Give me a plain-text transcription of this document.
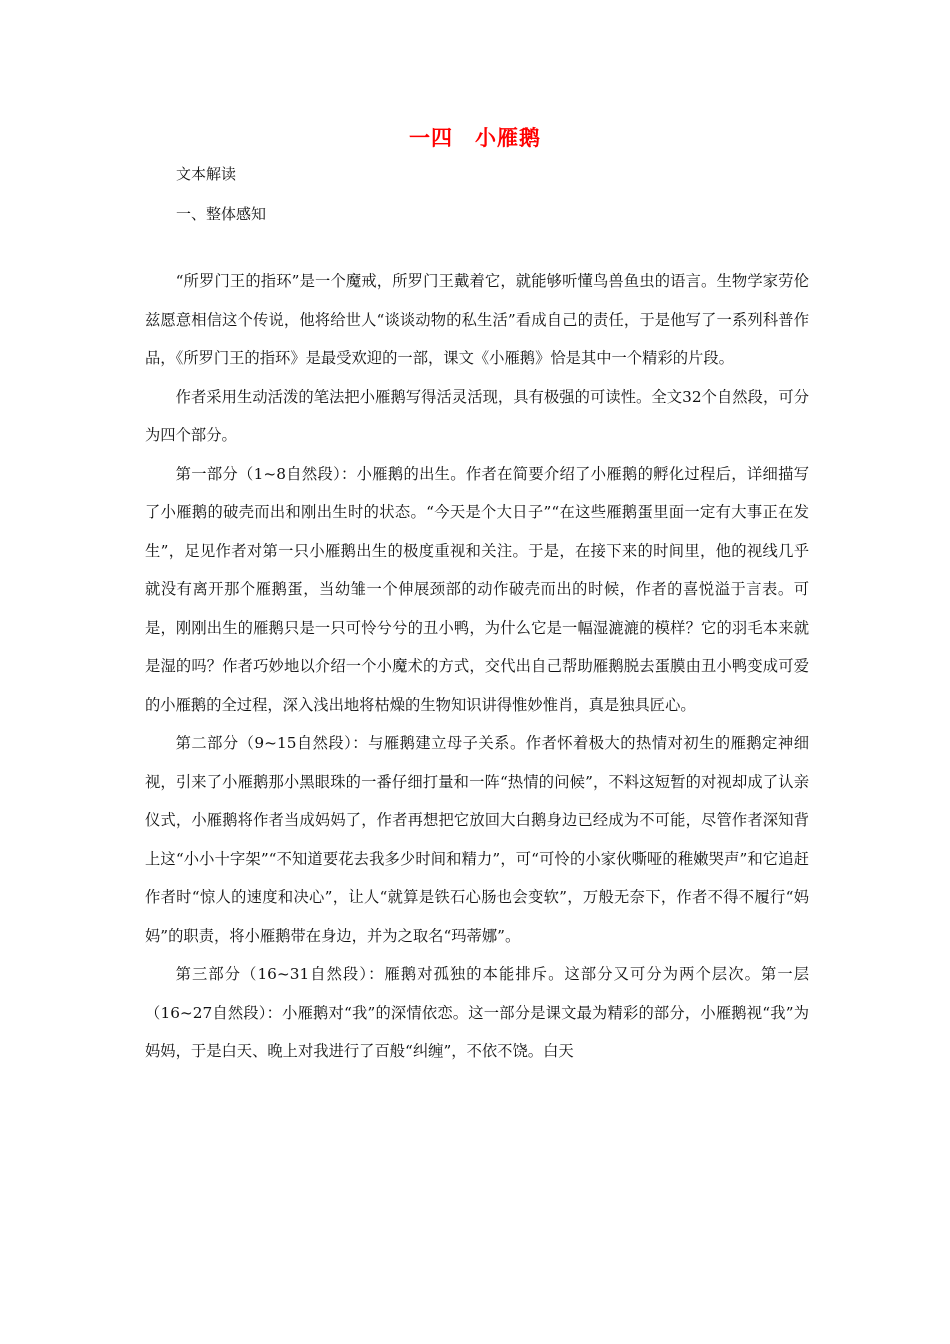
一四　小雁鹅
文本解读
一、整体感知

“所罗门王的指环”是一个魔戒，所罗门王戴着它，就能够听懂鸟兽鱼虫的语言。生物学家劳伦兹愿意相信这个传说，他将给世人“谈谈动物的私生活”看成自己的责任，于是他写了一系列科普作品，《所罗门王的指环》是最受欢迎的一部，课文《小雁鹅》恰是其中一个精彩的片段。

作者采用生动活泼的笔法把小雁鹅写得活灵活现，具有极强的可读性。全文32个自然段，可分为四个部分。

第一部分（1~8自然段）：小雁鹅的出生。作者在简要介绍了小雁鹅的孵化过程后，详细描写了小雁鹅的破壳而出和刚出生时的状态。“今天是个大日子”“在这些雁鹅蛋里面一定有大事正在发生”，足见作者对第一只小雁鹅出生的极度重视和关注。于是，在接下来的时间里，他的视线几乎就没有离开那个雁鹅蛋，当幼雏一个伸展颈部的动作破壳而出的时候，作者的喜悦溢于言表。可是，刚刚出生的雁鹅只是一只可怜兮兮的丑小鸭，为什么它是一幅湿漉漉的模样？它的羽毛本来就是湿的吗？作者巧妙地以介绍一个小魔术的方式，交代出自己帮助雁鹅脱去蛋膜由丑小鸭变成可爱的小雁鹅的全过程，深入浅出地将枯燥的生物知识讲得惟妙惟肖，真是独具匠心。

第二部分（9~15自然段）：与雁鹅建立母子关系。作者怀着极大的热情对初生的雁鹅定神细视，引来了小雁鹅那小黑眼珠的一番仔细打量和一阵“热情的问候”，不料这短暂的对视却成了认亲仪式，小雁鹅将作者当成妈妈了，作者再想把它放回大白鹅身边已经成为不可能，尽管作者深知背上这“小小十字架”“不知道要花去我多少时间和精力”，可“可怜的小家伙嘶哑的稚嫩哭声”和它追赶作者时“惊人的速度和决心”，让人“就算是铁石心肠也会变软”，万般无奈下，作者不得不履行“妈妈”的职责，将小雁鹅带在身边，并为之取名“玛蒂娜”。

第三部分（16~31自然段）：雁鹅对孤独的本能排斥。这部分又可分为两个层次。第一层（16~27自然段）：小雁鹅对“我”的深情依恋。这一部分是课文最为精彩的部分，小雁鹅视“我”为妈妈，于是白天、晚上对我进行了百般“纠缠”，不依不饶。白天
